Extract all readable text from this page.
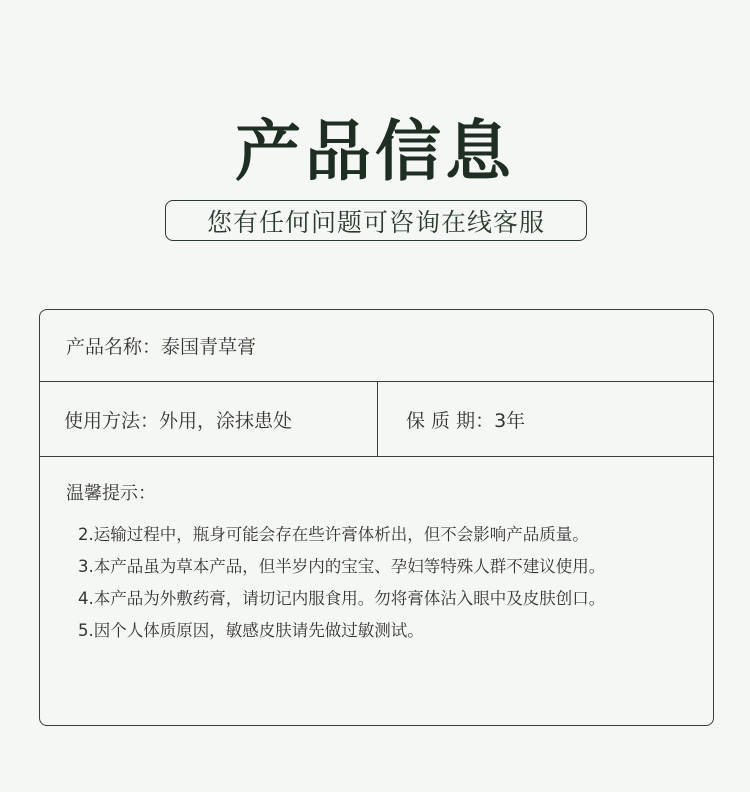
产品信息
您有任何问题可咨询在线客服
产品名称：泰国青草膏
使用方法：外用，涂抹患处	保 质 期：3年
温馨提示：
2.运输过程中，瓶身可能会存在些许膏体析出，但不会影响产品质量。
3.本产品虽为草本产品，但半岁内的宝宝、孕妇等特殊人群不建议使用。
4.本产品为外敷药膏，请切记内服食用。勿将膏体沾入眼中及皮肤创口。
5.因个人体质原因，敏感皮肤请先做过敏测试。
